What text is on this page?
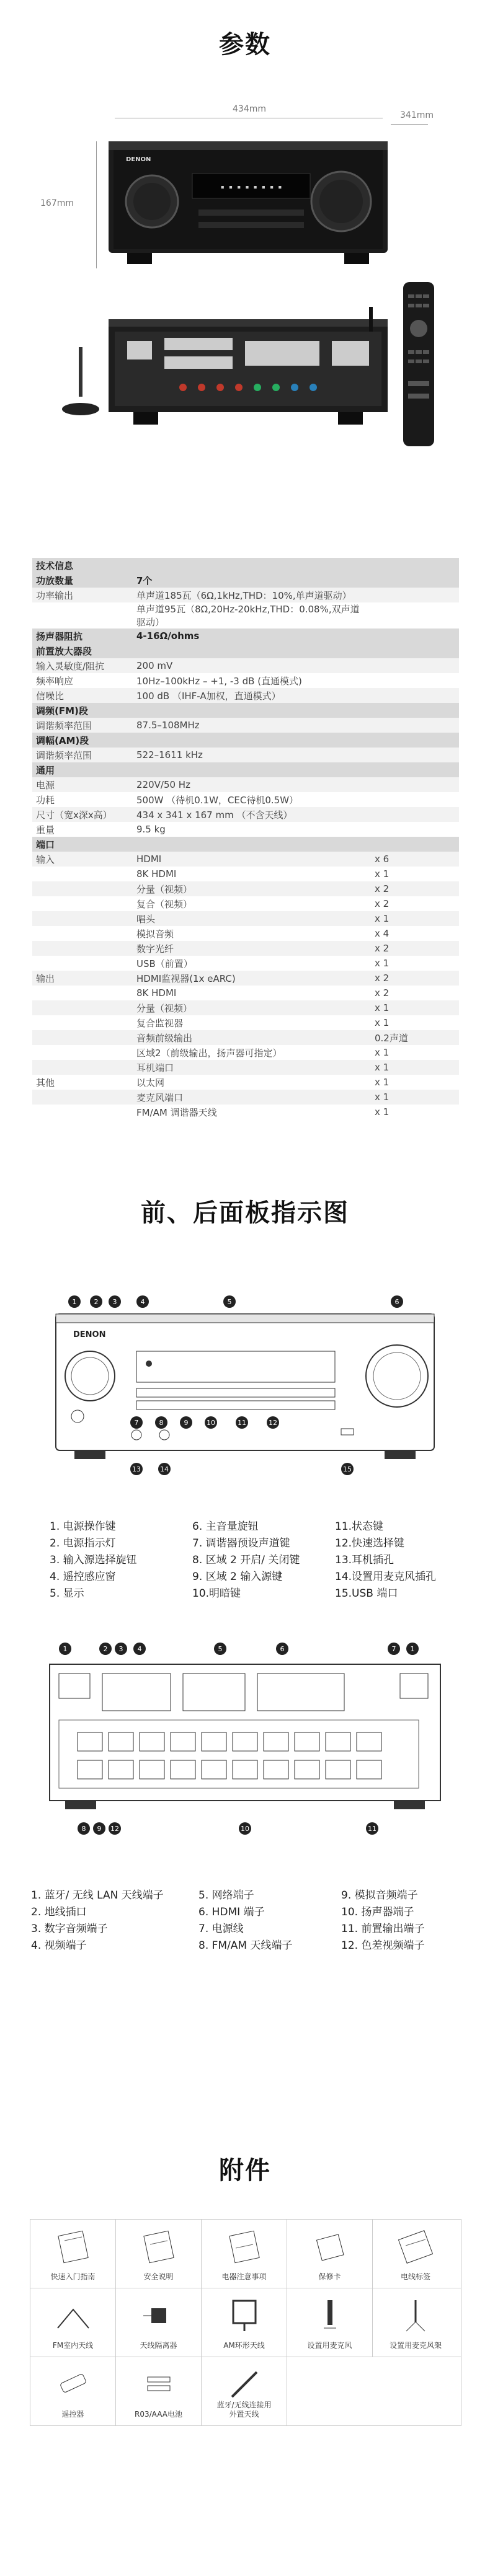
参数
434mm
341mm
167mm
▪ ▪ ▪ ▪ ▪ ▪ ▪ ▪
DENON
技术信息		
功放数量	7个	
功率输出	单声道185瓦（6Ω,1kHz,THD：10%,单声道驱动）	
	单声道95瓦（8Ω,20Hz-20kHz,THD：0.08%,双声道驱动）	
扬声器阻抗	4-16Ω/ohms	
前置放大器段		
输入灵敏度/阻抗	200 mV	
频率响应	10Hz–100kHz – +1, -3 dB (直通模式)	
信噪比	100 dB （IHF-A加权，直通模式）	
调频(FM)段		
调谐频率范围	87.5–108MHz	
调幅(AM)段		
调谐频率范围	522–1611 kHz	
通用		
电源	220V/50 Hz	
功耗	500W （待机0.1W，CEC待机0.5W）	
尺寸（宽x深x高）	434 x 341 x 167 mm （不含天线）	
重量	9.5 kg	
端口		
输入	HDMI	x 6
	8K HDMI	x 1
	分量（视频）	x 2
	复合（视频）	x 2
	唱头	x 1
	模拟音频	x 4
	数字光纤	x 2
	USB（前置）	x 1
输出	HDMI监视器(1x eARC)	x 2
	8K HDMI	x 2
	分量（视频）	x 1
	复合监视器	x 1
	音频前级输出	0.2声道
	区域2（前级输出，扬声器可指定）	x 1
	耳机端口	x 1
其他	以太网	x 1
	麦克风端口	x 1
	FM/AM 调谐器天线	x 1
前、后面板指示图
DENON
1	2 3	4	5	6
7	8	9	10	11	12
13	14	15
1. 电源操作键	6. 主音量旋钮	11.状态键
2. 电源指示灯	7. 调谐器预设声道键	12.快速选择键
3. 输入源选择旋钮	8. 区域 2 开启/ 关闭键	13.耳机插孔
4. 遥控感应窗	9. 区域 2 输入源键	14.设置用麦克风插孔
5. 显示	10.明暗键	15.USB 端口
1	2 3 4	5	6	7 1
8 9 12	10	11
1. 蓝牙/ 无线 LAN 天线端子	5. 网络端子	9. 模拟音频端子
2. 地线插口	6. HDMI 端子	10. 扬声器端子
3. 数字音频端子	7. 电源线	11. 前置输出端子
4. 视频端子	8. FM/AM 天线端子	12. 色差视频端子
附件
快速入门指南	安全说明	电器注意事项	保修卡	电线标签
FM室内天线	天线隔离器	AM环形天线	设置用麦克风	设置用麦克风架
遥控器	R03/AAA电池
蓝牙/无线连接用
外置天线
